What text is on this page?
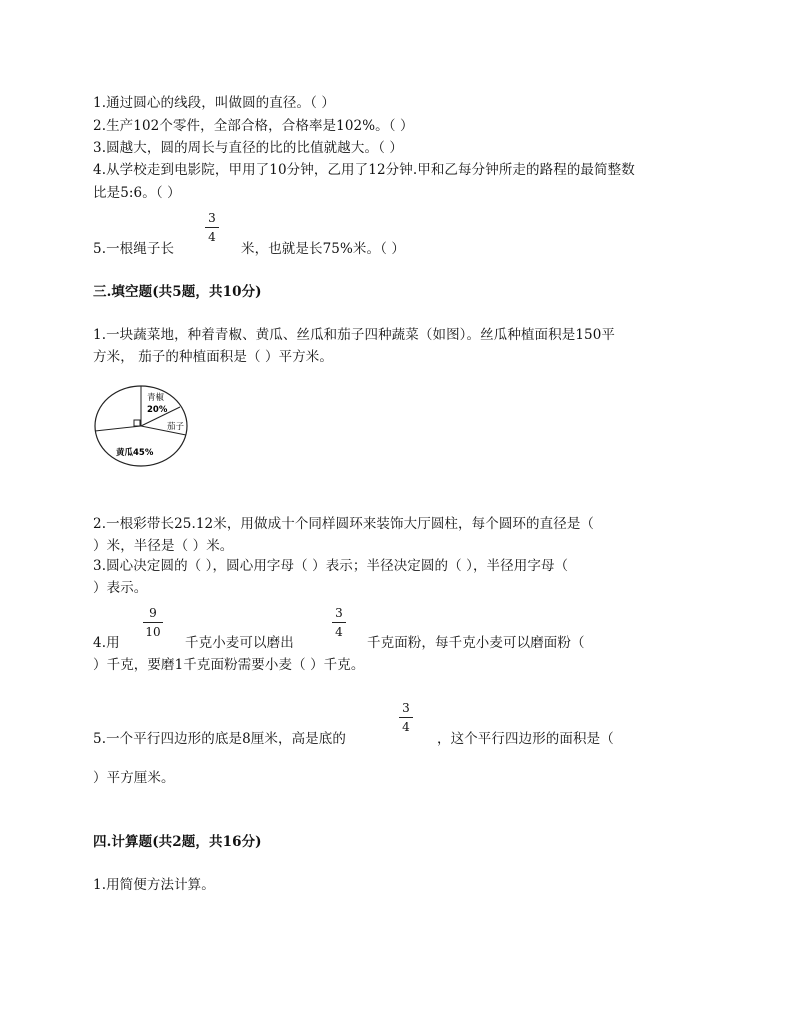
1.通过圆心的线段，叫做圆的直径。（ ）
2.生产102个零件，全部合格，合格率是102%。（ ）
3.圆越大，圆的周长与直径的比的比值就越大。（ ）
4.从学校走到电影院，甲用了10分钟，乙用了12分钟.甲和乙每分钟所走的路程的最简整数
比是5:6。（ ）
5.一根绳子长
3
4
米，也就是长75%米。（ ）
三.填空题(共5题，共10分)
1.一块蔬菜地，种着青椒、黄瓜、丝瓜和茄子四种蔬菜（如图）。丝瓜种植面积是150平
方米， 茄子的种植面积是（ ）平方米。
青椒
20%
茄子
黄瓜45%
2.一根彩带长25.12米，用做成十个同样圆环来装饰大厅圆柱，每个圆环的直径是（
）米，半径是（ ）米。
3.圆心决定圆的（ ），圆心用字母（ ）表示；半径决定圆的（ ），半径用字母（
）表示。
4.用
9
10
千克小麦可以磨出
3
4
千克面粉，每千克小麦可以磨面粉（
）千克，要磨1千克面粉需要小麦（ ）千克。
5.一个平行四边形的底是8厘米，高是底的
3
4
，这个平行四边形的面积是（
）平方厘米。
四.计算题(共2题，共16分)
1.用简便方法计算。
